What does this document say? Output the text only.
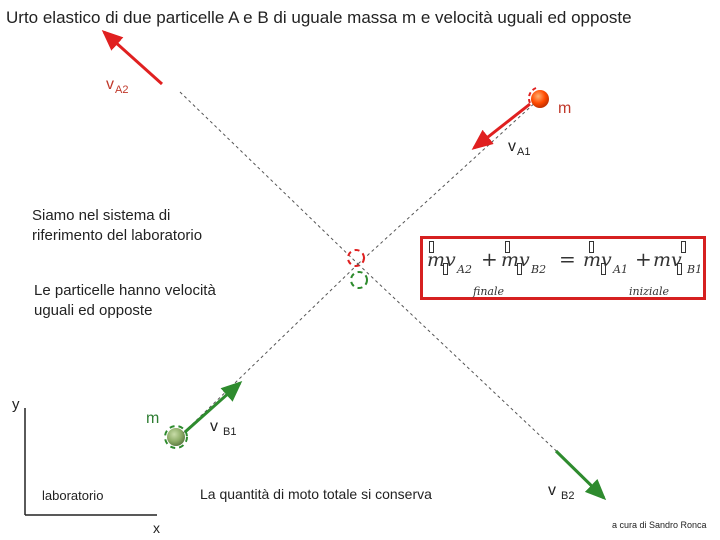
Urto elastico di due particelle A e B di uguale massa m e velocità uguali ed opposte
$v_{A2}$
$v_{A1}$
v $_{B1}$
v $_{B2}$
m
m
Siamo nel sistema di riferimento del laboratorio
Le particelle hanno velocità uguali ed opposte
mv A2 + mv B2 = mv A1 + mv B1
finale	iniziale
y
x
laboratorio	La quantità di moto totale si conserva
a cura di Sandro Ronca
